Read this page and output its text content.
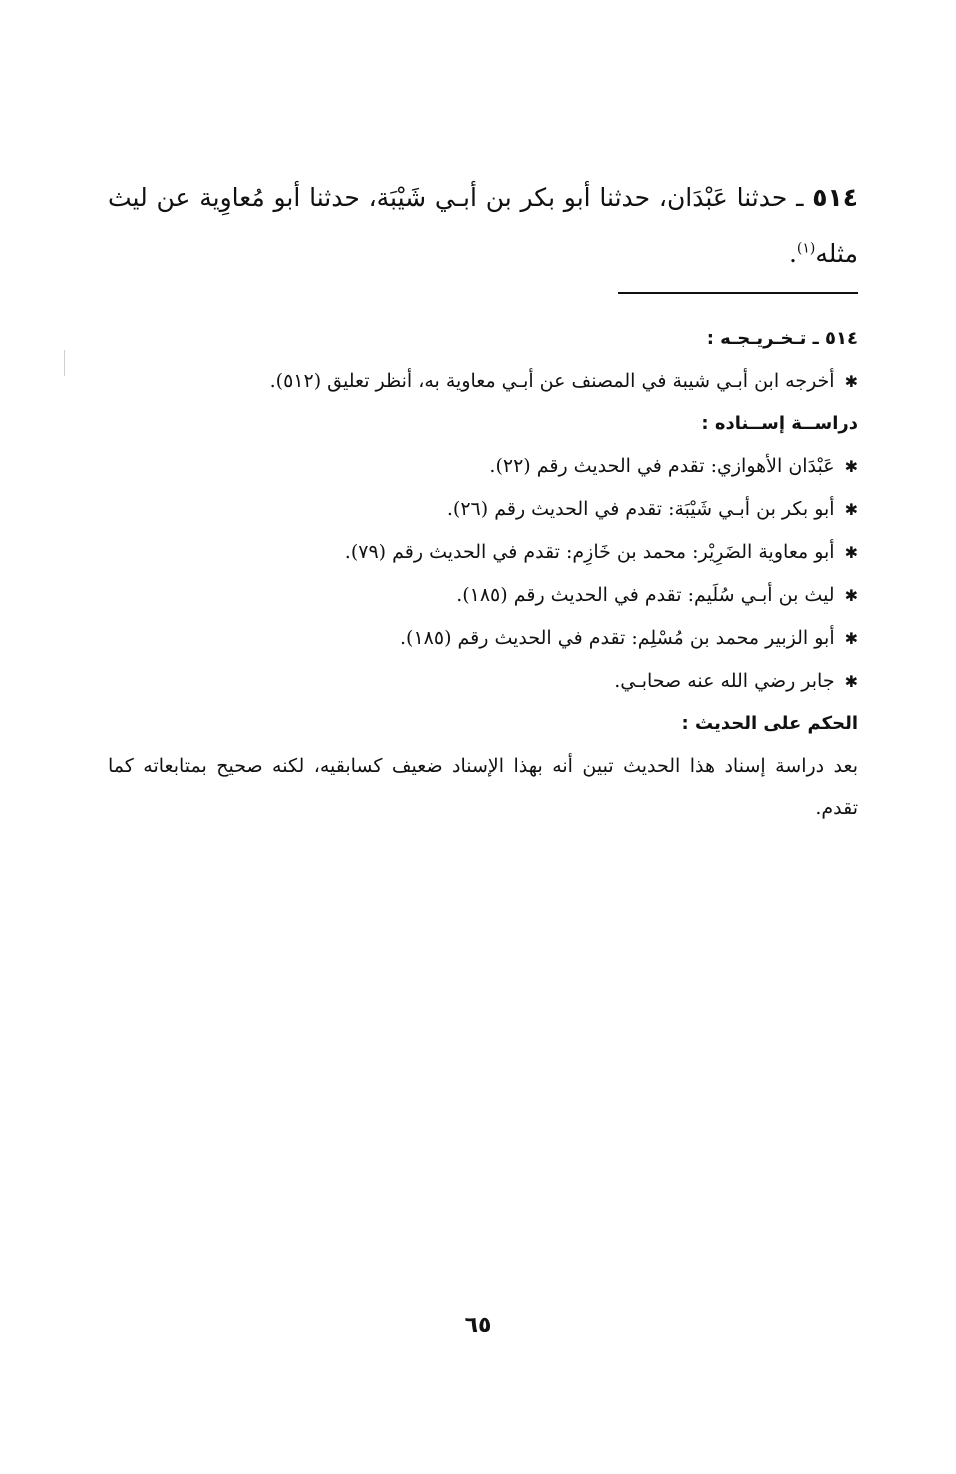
٥١٤ ـ حدثنا عَبْدَان، حدثنا أبو بكر بن أبـي شَيْبَة، حدثنا أبو مُعاوِية عن ليث مثله$^{(١)}$.
٥١٤ ـ تـخـريـجـه :
✱أخرجه ابن أبـي شيبة في المصنف عن أبـي معاوية به، أنظر تعليق (٥١٢).
دراســة إســناده :
✱عَبْدَان الأهوازي: تقدم في الحديث رقم (٢٢).
✱أبو بكر بن أبـي شَيْبَة: تقدم في الحديث رقم (٢٦).
✱أبو معاوية الضَرِيْر: محمد بن خَازِم: تقدم في الحديث رقم (٧٩).
✱ليث بن أبـي سُلَيم: تقدم في الحديث رقم (١٨٥).
✱أبو الزبير محمد بن مُسْلِم: تقدم في الحديث رقم (١٨٥).
✱جابر رضي الله عنه صحابـي.
الحكم على الحديث :
بعد دراسة إسناد هذا الحديث تبين أنه بهذا الإسناد ضعيف كسابقيه، لكنه صحيح بمتابعاته كما تقدم.
٦٥
